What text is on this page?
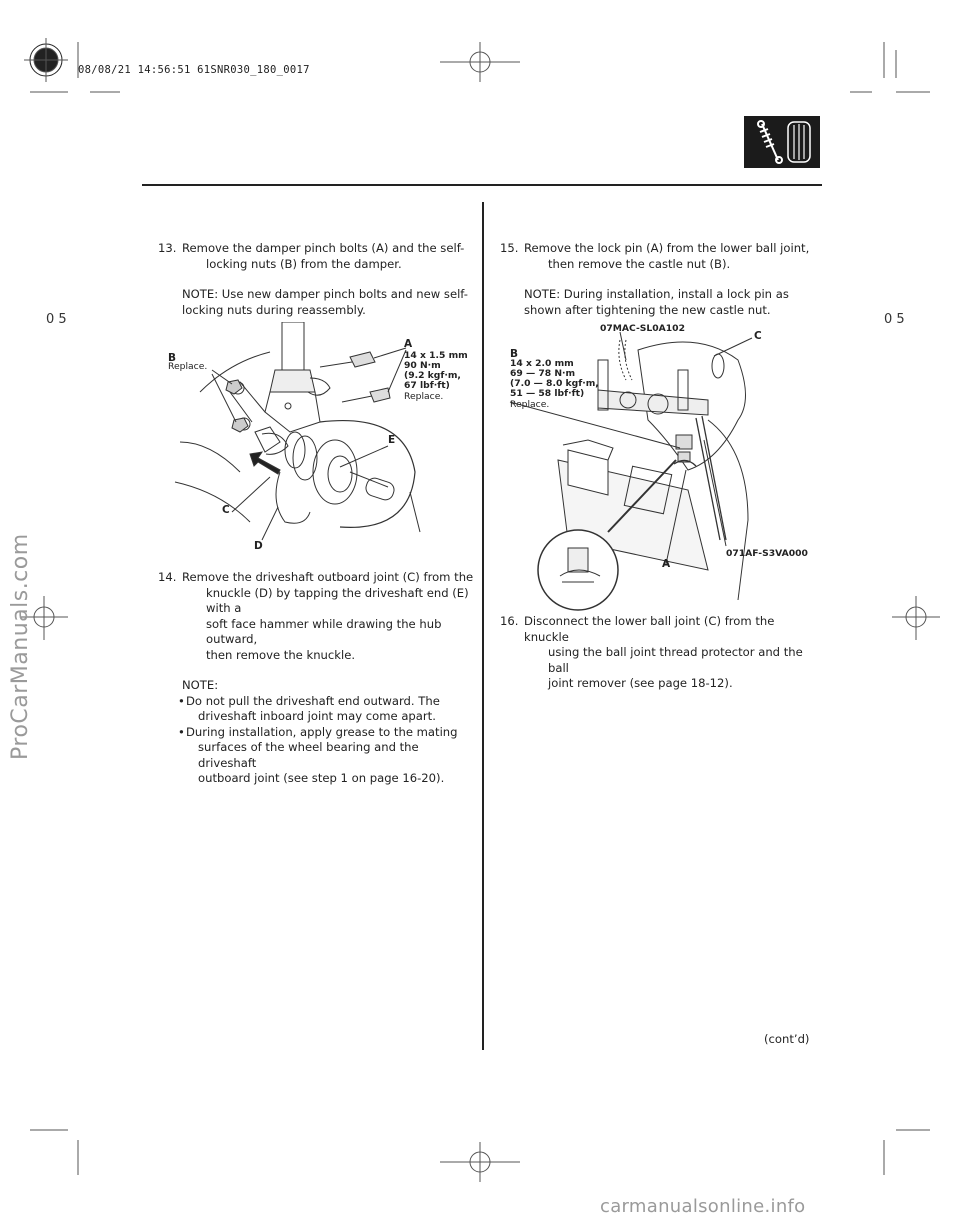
08/08/21 14:56:51 61SNR030_180_0017
0 5	0 5
13. Remove the damper pinch bolts (A) and the self-
locking nuts (B) from the damper.
NOTE: Use new damper pinch bolts and new self-
locking nuts during reassembly.
B
Replace.
A
14 x 1.5 mm
90 N·m
(9.2 kgf·m,
67 lbf·ft)
Replace.
E
C
D
14. Remove the driveshaft outboard joint (C) from the
knuckle (D) by tapping the driveshaft end (E) with a
soft face hammer while drawing the hub outward,
then remove the knuckle.
NOTE:
• Do not pull the driveshaft end outward. The
driveshaft inboard joint may come apart.
• During installation, apply grease to the mating
surfaces of the wheel bearing and the driveshaft
outboard joint (see step 1 on page 16-20).
15. Remove the lock pin (A) from the lower ball joint,
then remove the castle nut (B).
NOTE: During installation, install a lock pin as
shown after tightening the new castle nut.
07MAC-SL0A102
C
B
14 x 2.0 mm
69 — 78 N·m
(7.0 — 8.0 kgf·m,
51 — 58 lbf·ft)
Replace.
071AF-S3VA000
A
16. Disconnect the lower ball joint (C) from the knuckle
using the ball joint thread protector and the ball
joint remover (see page 18-12).
(cont’d)
ProCarManuals.com
carmanualsonline.info
